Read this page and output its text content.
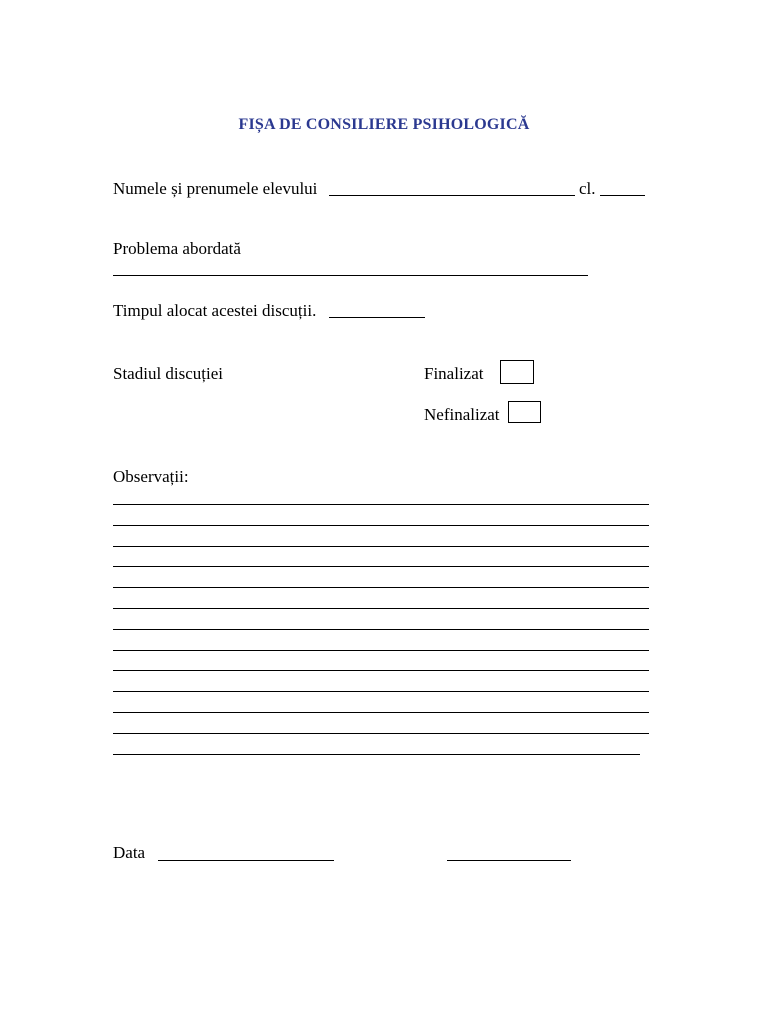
FIȘA DE CONSILIERE PSIHOLOGICĂ
Numele și prenumele elevului	cl.
Problema abordată
Timpul alocat acestei discuții.
Stadiul discuției	Finalizat
Nefinalizat
Observații:
Data
